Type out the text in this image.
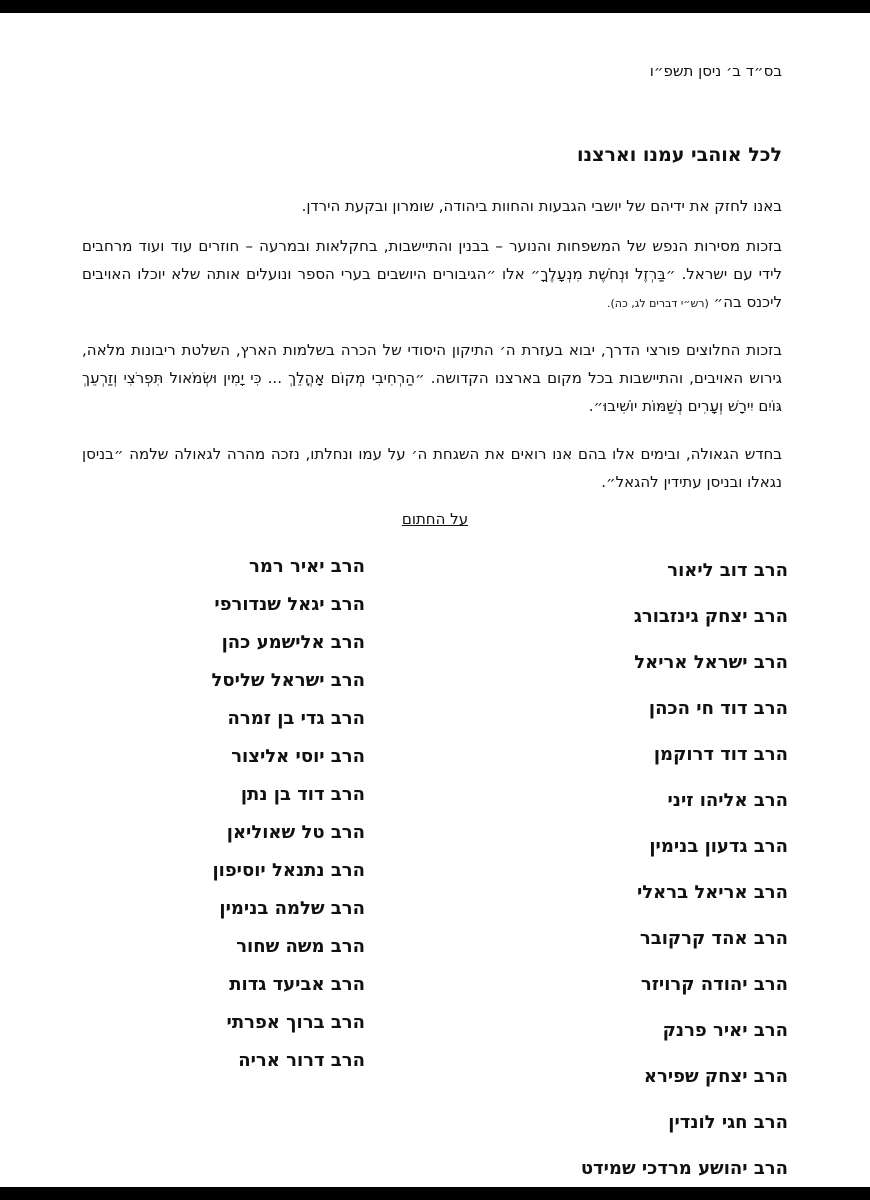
בס״ד ב׳ ניסן תשפ״ו
לכל אוהבי עמנו וארצנו

באנו לחזק את ידיהם של יושבי הגבעות והחוות ביהודה, שומרון ובקעת הירדן.

בזכות מסירות הנפש של המשפחות והנוער – בבנין והתיישבות, בחקלאות ובמרעה – חוזרים עוד ועוד מרחבים לידי עם ישראל. ״בַּרְזֶל וּנְחֹשֶׁת מִנְעָלֶךָ״ אלו ״הגיבורים היושבים בערי הספר ונועלים אותה שלא יוכלו האויבים ליכנס בה״ (רש״י דברים לג, כה).

בזכות החלוצים פורצי הדרך, יבוא בעזרת ה׳ התיקון היסודי של הכרה בשלמות הארץ, השלטת ריבונות מלאה, גירוש האויבים, והתיישבות בכל מקום בארצנו הקדושה. ״הַרְחִיבִי מְקוֹם אָהֳלֵךְ ... כִּי יָמִין וּשְׂמֹאול תִּפְרֹצִי וְזַרְעֵךְ גּוֹיִם יִירָשׁ וְעָרִים נְשַׁמּוֹת יוֹשִׁיבוּ״.

בחדש הגאולה, ובימים אלו בהם אנו רואים את השגחת ה׳ על עמו ונחלתו, נזכה מהרה לגאולה שלמה ״בניסן נגאלו ובניסן עתידין להגאל״.

על החתום
הרב דוב ליאור
הרב יצחק גינזבורג
הרב ישראל אריאל
הרב דוד חי הכהן
הרב דוד דרוקמן
הרב אליהו זיני
הרב גדעון בנימין
הרב אריאל בראלי
הרב אהד קרקובר
הרב יהודה קרויזר
הרב יאיר פרנק
הרב יצחק שפירא
הרב חגי לונדין
הרב יהושע מרדכי שמידט
הרב יאיר רמר
הרב יגאל שנדורפי
הרב אלישמע כהן
הרב ישראל שליסל
הרב גדי בן זמרה
הרב יוסי אליצור
הרב דוד בן נתן
הרב טל שאוליאן
הרב נתנאל יוסיפון
הרב שלמה בנימין
הרב משה שחור
הרב אביעד גדות
הרב ברוך אפרתי
הרב דרור אריה
